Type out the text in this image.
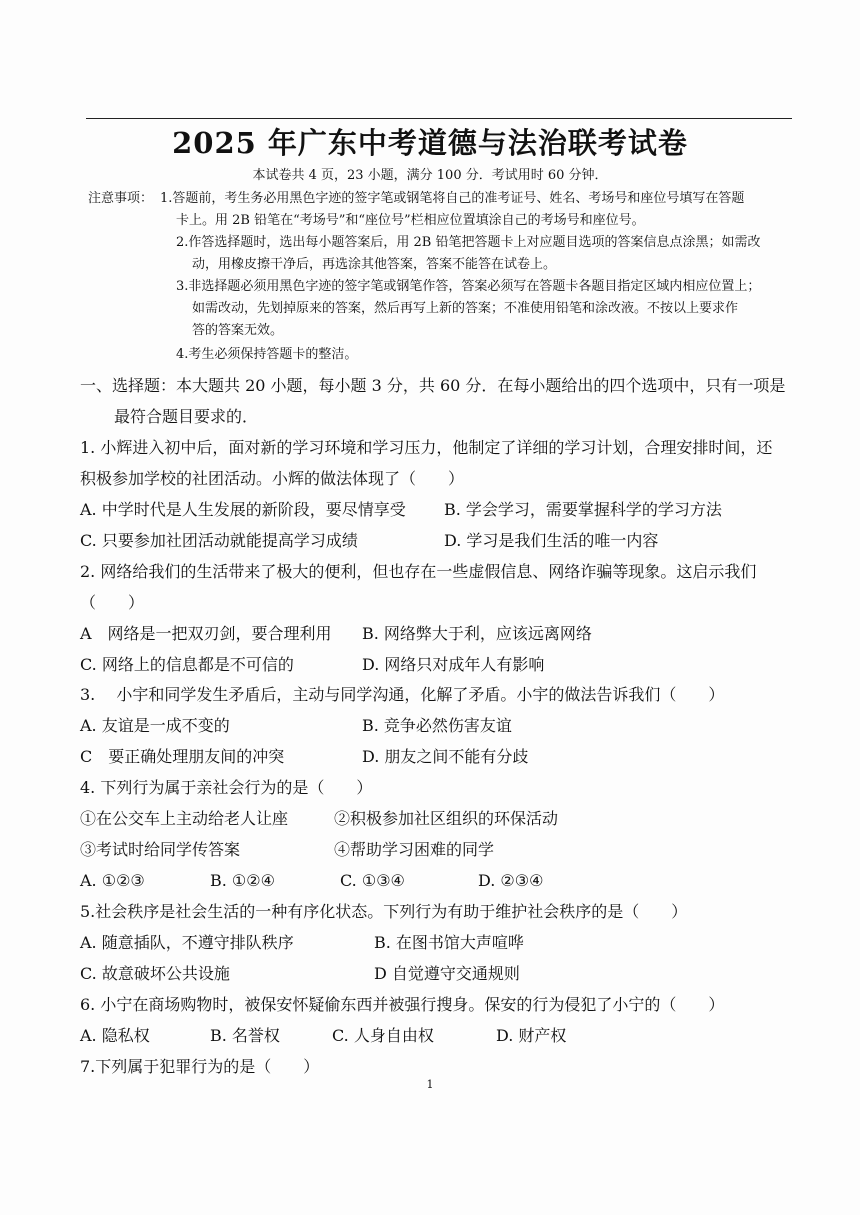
2025 年广东中考道德与法治联考试卷
本试卷共 4 页，23 小题，满分 100 分．考试用时 60 分钟．
注意事项： 1.答题前，考生务必用黑色字迹的签字笔或钢笔将自己的准考证号、姓名、考场号和座位号填写在答题
卡上。用 2B 铅笔在“考场号”和“座位号”栏相应位置填涂自己的考场号和座位号。
2.作答选择题时，选出每小题答案后，用 2B 铅笔把答题卡上对应题目选项的答案信息点涂黑；如需改
动，用橡皮擦干净后，再选涂其他答案，答案不能答在试卷上。
3.非选择题必须用黑色字迹的签字笔或钢笔作答，答案必须写在答题卡各题目指定区域内相应位置上；
如需改动，先划掉原来的答案，然后再写上新的答案；不准使用铅笔和涂改液。不按以上要求作
答的答案无效。
4.考生必须保持答题卡的整洁。
一、选择题：本大题共 20 小题，每小题 3 分，共 60 分．在每小题给出的四个选项中，只有一项是
最符合题目要求的．
1. 小辉进入初中后，面对新的学习环境和学习压力，他制定了详细的学习计划，合理安排时间，还
积极参加学校的社团活动。小辉的做法体现了（　　）
A. 中学时代是人生发展的新阶段，要尽情享受 B. 学会学习，需要掌握科学的学习方法
C. 只要参加社团活动就能提高学习成绩	D. 学习是我们生活的唯一内容
2. 网络给我们的生活带来了极大的便利，但也存在一些虚假信息、网络诈骗等现象。这启示我们
（　　）
A　网络是一把双刃剑，要合理利用 B. 网络弊大于利，应该远离网络
C. 网络上的信息都是不可信的	D. 网络只对成年人有影响
3.　 小宇和同学发生矛盾后，主动与同学沟通，化解了矛盾。小宇的做法告诉我们（　　）
A. 友谊是一成不变的	B. 竞争必然伤害友谊
C　要正确处理朋友间的冲突	D. 朋友之间不能有分歧
4. 下列行为属于亲社会行为的是（　　）
①在公交车上主动给老人让座	②积极参加社区组织的环保活动
③考试时给同学传答案	④帮助学习困难的同学
A. ①②③	B. ①②④	C. ①③④	D. ②③④
5.社会秩序是社会生活的一种有序化状态。下列行为有助于维护社会秩序的是（　　）
A. 随意插队，不遵守排队秩序	B. 在图书馆大声喧哗
C. 故意破坏公共设施	D 自觉遵守交通规则
6. 小宁在商场购物时，被保安怀疑偷东西并被强行搜身。保安的行为侵犯了小宁的（　　）
A. 隐私权	B. 名誉权	C. 人身自由权	D. 财产权
7.下列属于犯罪行为的是（　　）
1
